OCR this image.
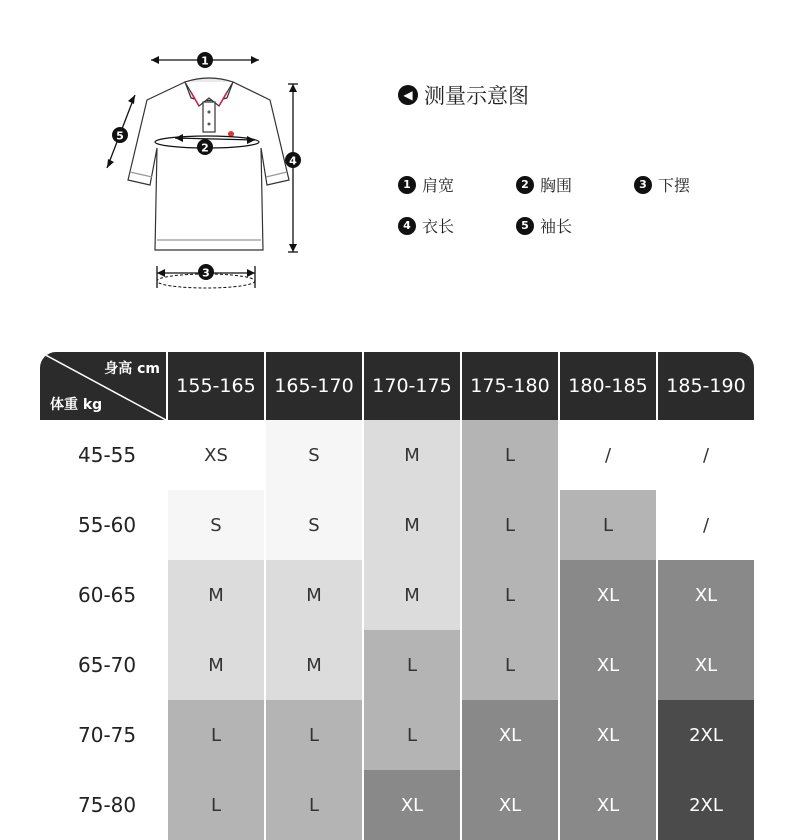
1
2
4
5
3
◀ 测量示意图
1 肩宽	2 胸围	3 下摆
4 衣长	5 袖长
身高 cm
体重 kg	155-165	165-170	170-175	175-180	180-185	185-190
45-55	XS	S	M	L	/	/
55-60	S	S	M	L	L	/
60-65	M	M	M	L	XL	XL
65-70	M	M	L	L	XL	XL
70-75	L	L	L	XL	XL	2XL
75-80	L	L	XL	XL	XL	2XL
